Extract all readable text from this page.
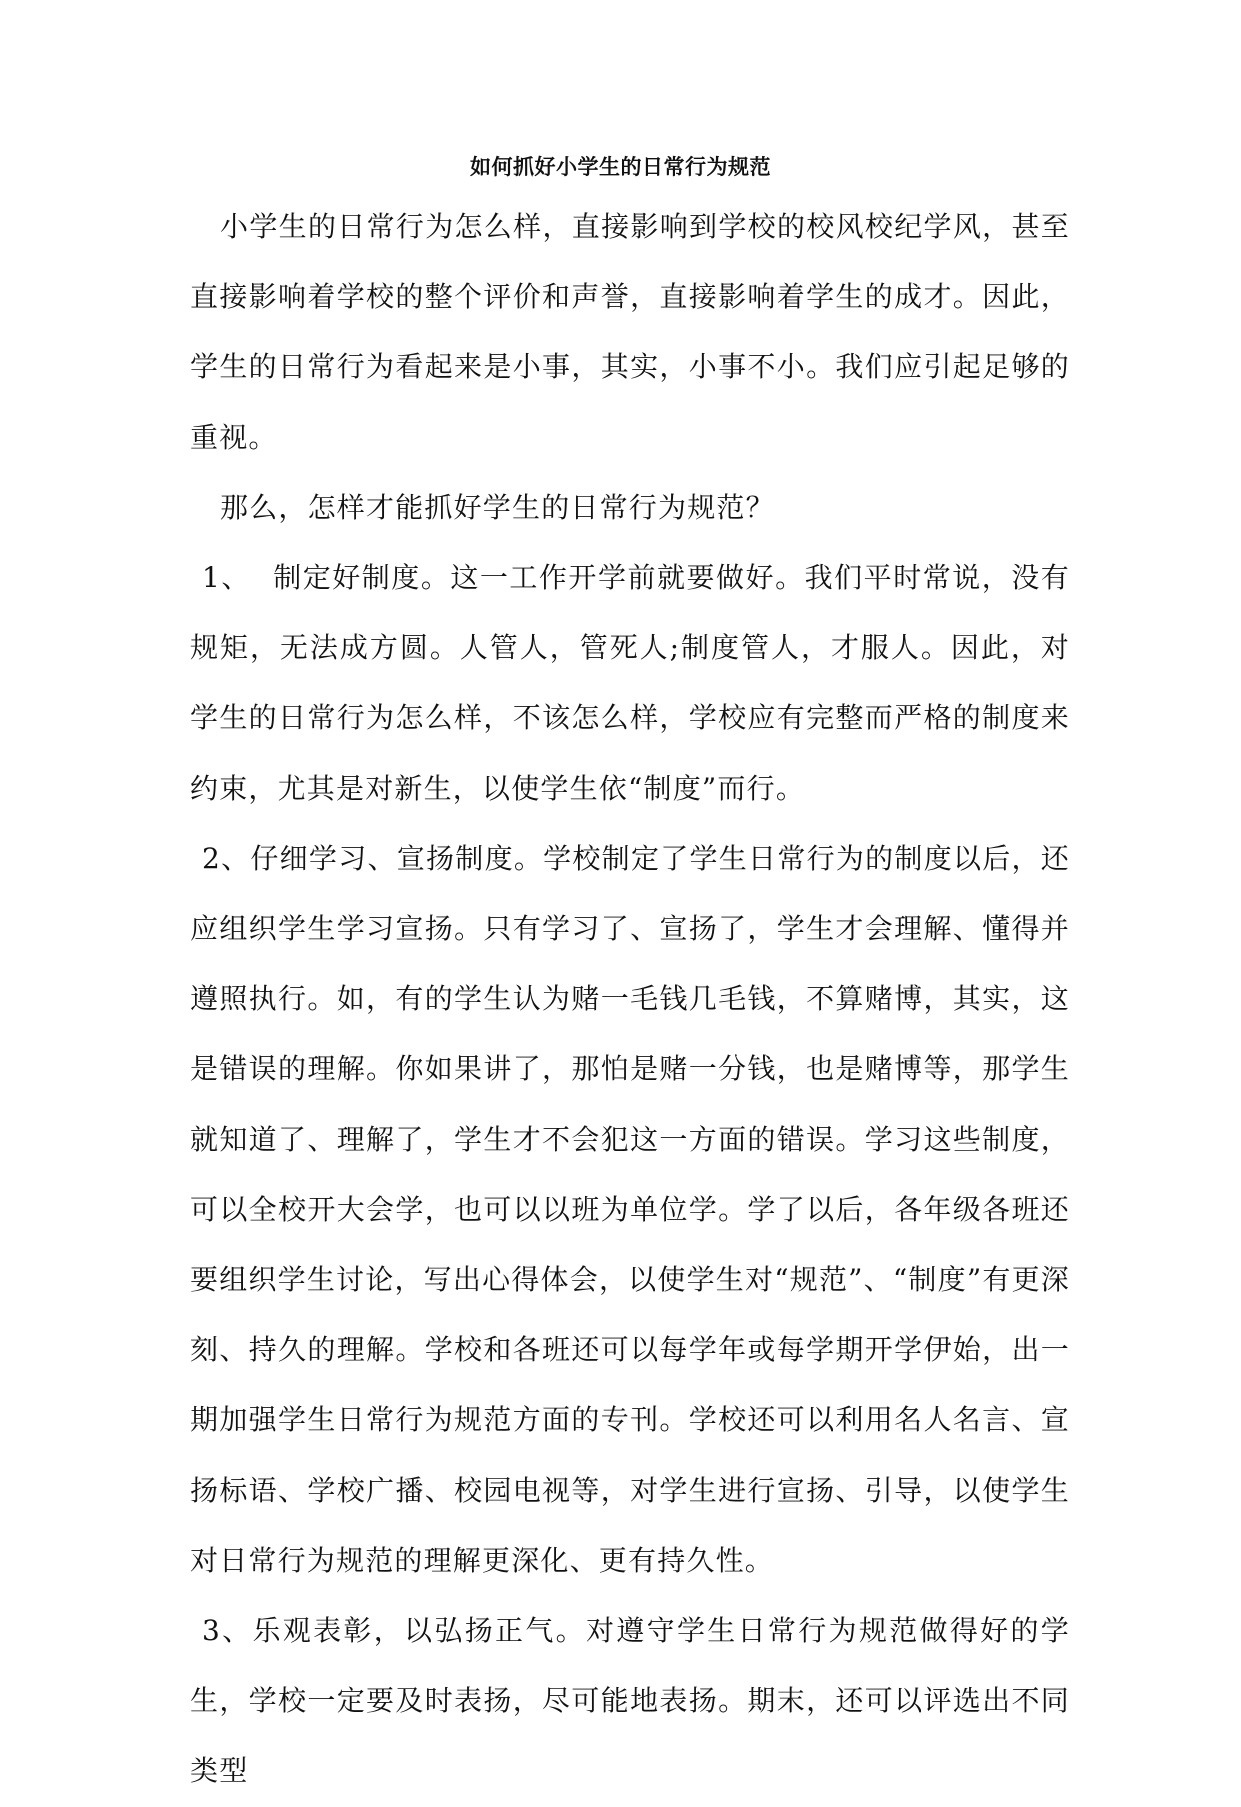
如何抓好小学生的日常行为规范

小学生的日常行为怎么样，直接影响到学校的校风校纪学风，甚至直接影响着学校的整个评价和声誉，直接影响着学生的成才。因此，学生的日常行为看起来是小事，其实，小事不小。我们应引起足够的重视。

那么，怎样才能抓好学生的日常行为规范？

1、 制定好制度。这一工作开学前就要做好。我们平时常说，没有规矩，无法成方圆。人管人，管死人;制度管人，才服人。因此，对学生的日常行为怎么样，不该怎么样，学校应有完整而严格的制度来约束，尤其是对新生，以使学生依“制度”而行。

2、仔细学习、宣扬制度。学校制定了学生日常行为的制度以后，还应组织学生学习宣扬。只有学习了、宣扬了，学生才会理解、懂得并遵照执行。如，有的学生认为赌一毛钱几毛钱，不算赌博，其实，这是错误的理解。你如果讲了，那怕是赌一分钱，也是赌博等，那学生就知道了、理解了，学生才不会犯这一方面的错误。学习这些制度，可以全校开大会学，也可以以班为单位学。学了以后，各年级各班还要组织学生讨论，写出心得体会，以使学生对“规范”、“制度”有更深刻、持久的理解。学校和各班还可以每学年或每学期开学伊始，出一期加强学生日常行为规范方面的专刊。学校还可以利用名人名言、宣扬标语、学校广播、校园电视等，对学生进行宣扬、引导，以使学生对日常行为规范的理解更深化、更有持久性。

3、乐观表彰，以弘扬正气。对遵守学生日常行为规范做得好的学生，学校一定要及时表扬，尽可能地表扬。期末，还可以评选出不同类型
